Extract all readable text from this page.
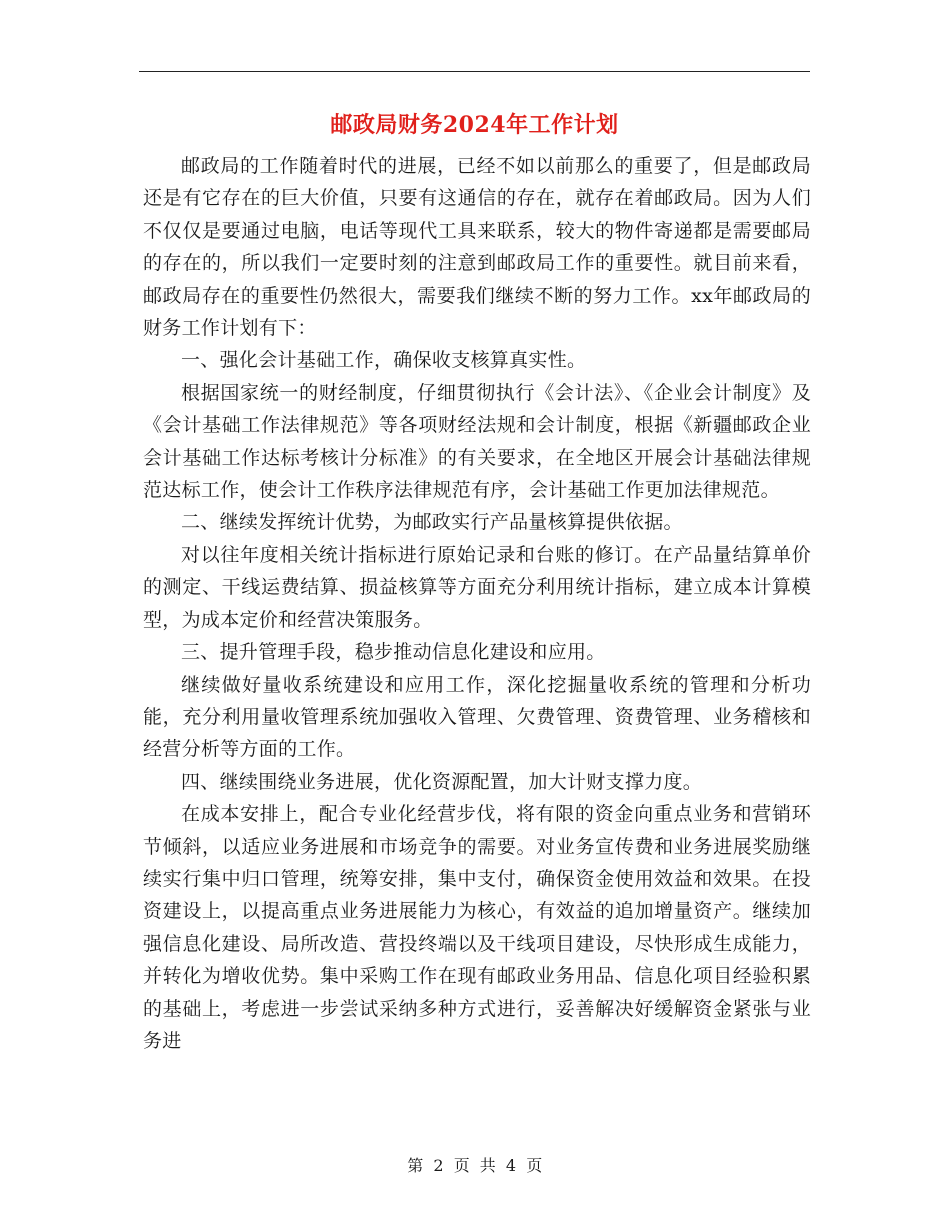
邮政局财务2024年工作计划

邮政局的工作随着时代的进展，已经不如以前那么的重要了，但是邮政局还是有它存在的巨大价值，只要有这通信的存在，就存在着邮政局。因为人们不仅仅是要通过电脑，电话等现代工具来联系，较大的物件寄递都是需要邮局的存在的，所以我们一定要时刻的注意到邮政局工作的重要性。就目前来看，邮政局存在的重要性仍然很大，需要我们继续不断的努力工作。xx年邮政局的财务工作计划有下：

一、强化会计基础工作，确保收支核算真实性。

根据国家统一的财经制度，仔细贯彻执行《会计法》、《企业会计制度》及《会计基础工作法律规范》等各项财经法规和会计制度，根据《新疆邮政企业会计基础工作达标考核计分标准》的有关要求，在全地区开展会计基础法律规范达标工作，使会计工作秩序法律规范有序，会计基础工作更加法律规范。

二、继续发挥统计优势，为邮政实行产品量核算提供依据。

对以往年度相关统计指标进行原始记录和台账的修订。在产品量结算单价的测定、干线运费结算、损益核算等方面充分利用统计指标，建立成本计算模型，为成本定价和经营决策服务。

三、提升管理手段，稳步推动信息化建设和应用。

继续做好量收系统建设和应用工作，深化挖掘量收系统的管理和分析功能，充分利用量收管理系统加强收入管理、欠费管理、资费管理、业务稽核和经营分析等方面的工作。

四、继续围绕业务进展，优化资源配置，加大计财支撑力度。

在成本安排上，配合专业化经营步伐，将有限的资金向重点业务和营销环节倾斜，以适应业务进展和市场竞争的需要。对业务宣传费和业务进展奖励继续实行集中归口管理，统筹安排，集中支付，确保资金使用效益和效果。在投资建设上，以提高重点业务进展能力为核心，有效益的追加增量资产。继续加强信息化建设、局所改造、营投终端以及干线项目建设，尽快形成生成能力，并转化为增收优势。集中采购工作在现有邮政业务用品、信息化项目经验积累的基础上，考虑进一步尝试采纳多种方式进行，妥善解决好缓解资金紧张与业务进

第 2 页 共 4 页
